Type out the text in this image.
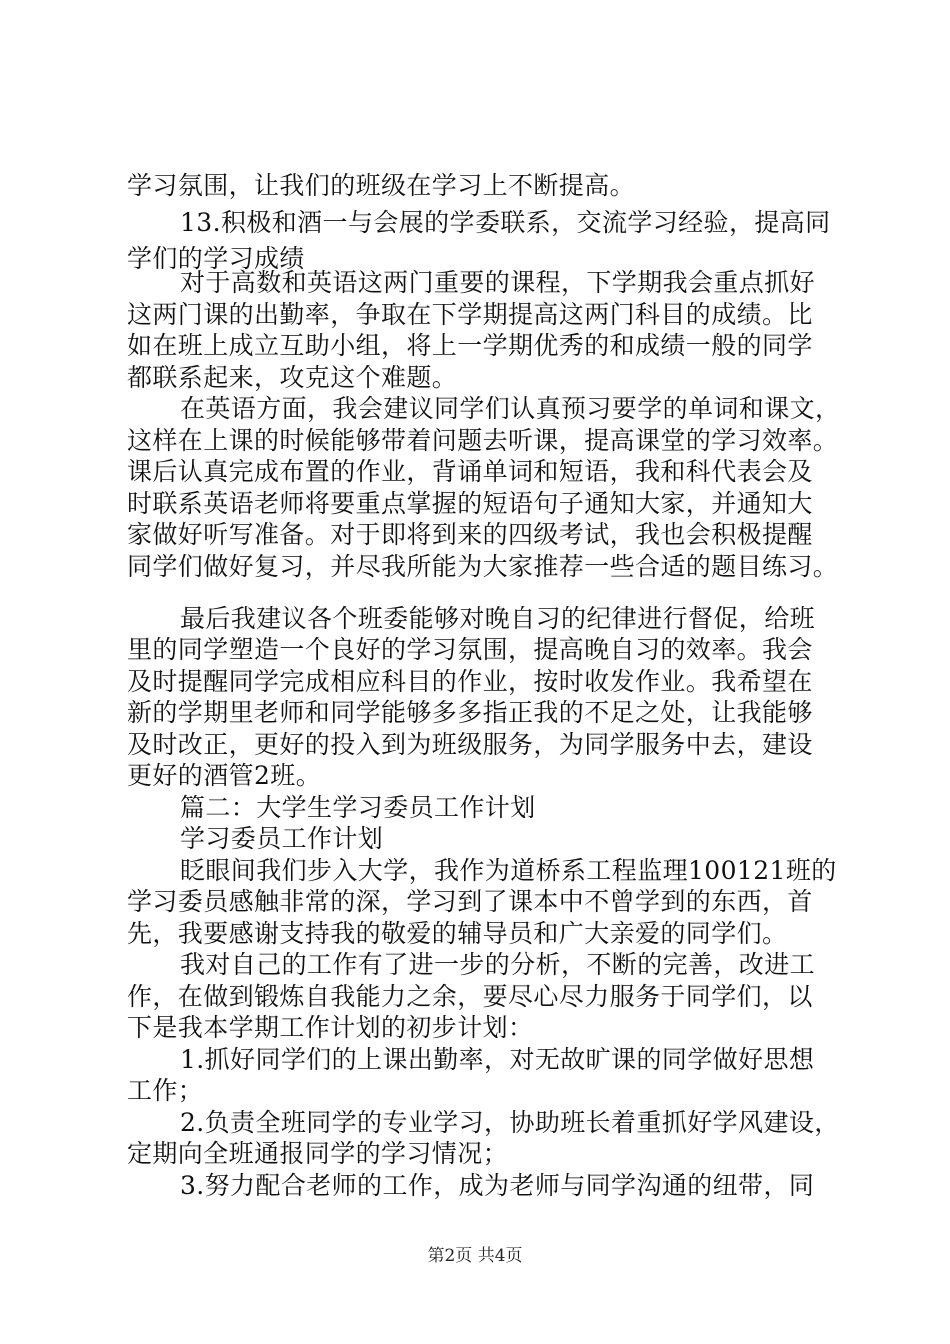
学习氛围，让我们的班级在学习上不断提高。
13.积极和酒一与会展的学委联系，交流学习经验，提高同
学们的学习成绩
对于高数和英语这两门重要的课程，下学期我会重点抓好
这两门课的出勤率，争取在下学期提高这两门科目的成绩。比
如在班上成立互助小组，将上一学期优秀的和成绩一般的同学
都联系起来，攻克这个难题。
在英语方面，我会建议同学们认真预习要学的单词和课文，
这样在上课的时候能够带着问题去听课，提高课堂的学习效率。
课后认真完成布置的作业，背诵单词和短语，我和科代表会及
时联系英语老师将要重点掌握的短语句子通知大家，并通知大
家做好听写准备。对于即将到来的四级考试，我也会积极提醒
同学们做好复习，并尽我所能为大家推荐一些合适的题目练习。
最后我建议各个班委能够对晚自习的纪律进行督促，给班
里的同学塑造一个良好的学习氛围，提高晚自习的效率。我会
及时提醒同学完成相应科目的作业，按时收发作业。我希望在
新的学期里老师和同学能够多多指正我的不足之处，让我能够
及时改正，更好的投入到为班级服务，为同学服务中去，建设
更好的酒管2班。
篇二：大学生学习委员工作计划
学习委员工作计划
眨眼间我们步入大学，我作为道桥系工程监理100121班的
学习委员感触非常的深，学习到了课本中不曾学到的东西，首
先，我要感谢支持我的敬爱的辅导员和广大亲爱的同学们。
我对自己的工作有了进一步的分析，不断的完善，改进工
作，在做到锻炼自我能力之余，要尽心尽力服务于同学们，以
下是我本学期工作计划的初步计划：
1.抓好同学们的上课出勤率，对无故旷课的同学做好思想
工作；
2.负责全班同学的专业学习，协助班长着重抓好学风建设，
定期向全班通报同学的学习情况；
3.努力配合老师的工作，成为老师与同学沟通的纽带，同
第2页 共4页
